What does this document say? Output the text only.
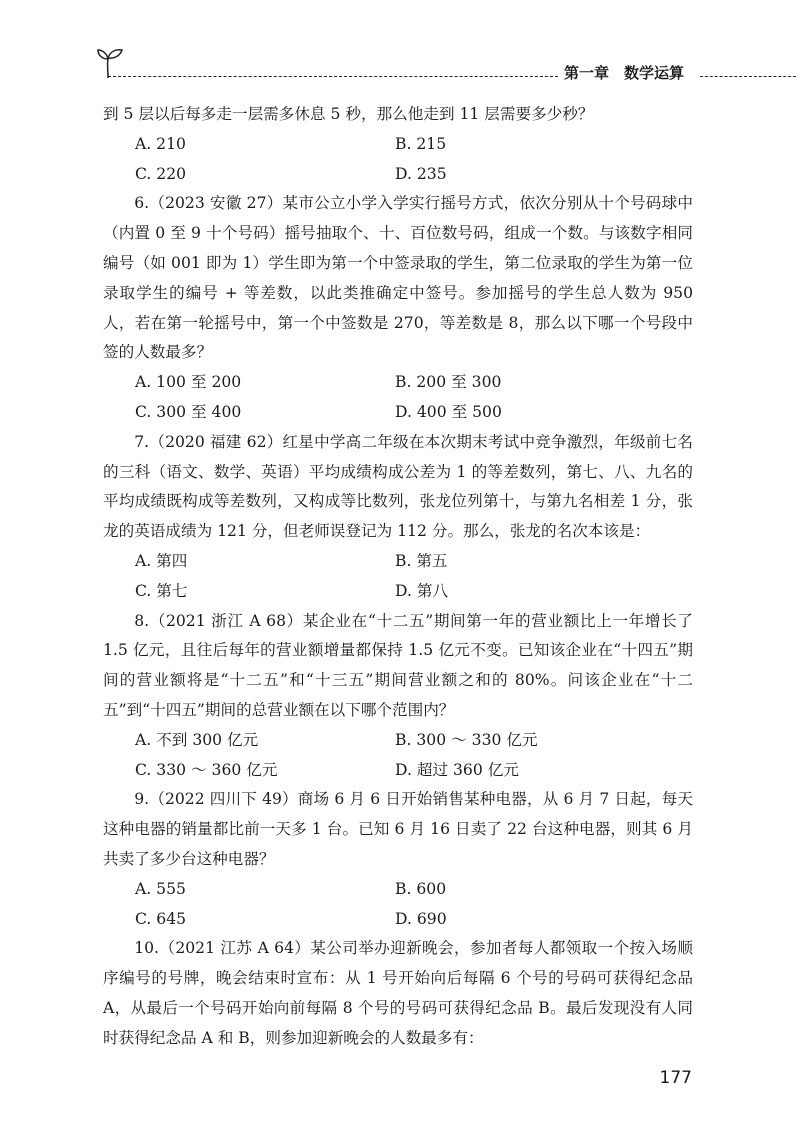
第一章　数学运算
到 5 层以后每多走一层需多休息 5 秒，那么他走到 11 层需要多少秒？
A. 210	B. 215
C. 220	D. 235
6.（2023 安徽 27）某市公立小学入学实行摇号方式，依次分别从十个号码球中（内置 0 至 9 十个号码）摇号抽取个、十、百位数号码，组成一个数。与该数字相同编号（如 001 即为 1）学生即为第一个中签录取的学生，第二位录取的学生为第一位录取学生的编号 + 等差数，以此类推确定中签号。参加摇号的学生总人数为 950 人，若在第一轮摇号中，第一个中签数是 270，等差数是 8，那么以下哪一个号段中签的人数最多？
A. 100 至 200	B. 200 至 300
C. 300 至 400	D. 400 至 500
7.（2020 福建 62）红星中学高二年级在本次期末考试中竞争激烈，年级前七名的三科（语文、数学、英语）平均成绩构成公差为 1 的等差数列，第七、八、九名的平均成绩既构成等差数列，又构成等比数列，张龙位列第十，与第九名相差 1 分，张龙的英语成绩为 121 分，但老师误登记为 112 分。那么，张龙的名次本该是：
A. 第四	B. 第五
C. 第七	D. 第八
8.（2021 浙江 A 68）某企业在“十二五”期间第一年的营业额比上一年增长了 1.5 亿元，且往后每年的营业额增量都保持 1.5 亿元不变。已知该企业在“十四五”期间的营业额将是“十二五”和“十三五”期间营业额之和的 80%。问该企业在“十二五”到“十四五”期间的总营业额在以下哪个范围内？
A. 不到 300 亿元	B. 300 ～ 330 亿元
C. 330 ～ 360 亿元	D. 超过 360 亿元
9.（2022 四川下 49）商场 6 月 6 日开始销售某种电器，从 6 月 7 日起，每天这种电器的销量都比前一天多 1 台。已知 6 月 16 日卖了 22 台这种电器，则其 6 月共卖了多少台这种电器？
A. 555	B. 600
C. 645	D. 690
10.（2021 江苏 A 64）某公司举办迎新晚会，参加者每人都领取一个按入场顺序编号的号牌，晚会结束时宣布：从 1 号开始向后每隔 6 个号的号码可获得纪念品 A，从最后一个号码开始向前每隔 8 个号的号码可获得纪念品 B。最后发现没有人同时获得纪念品 A 和 B，则参加迎新晚会的人数最多有：
177
